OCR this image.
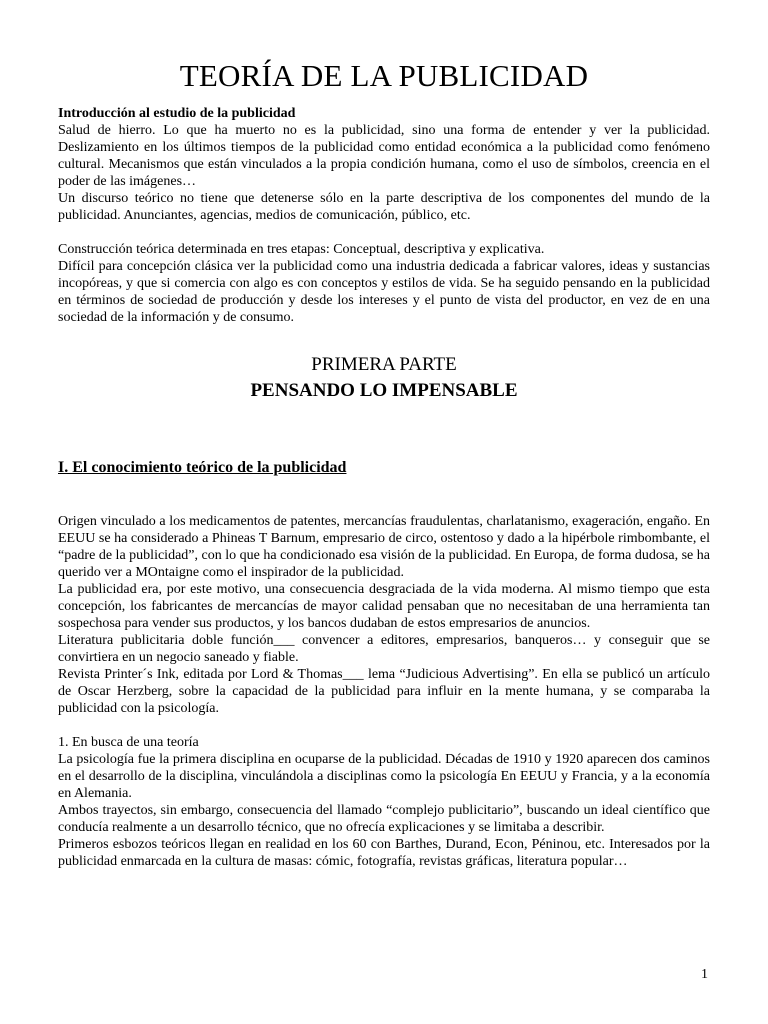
TEORÍA DE LA PUBLICIDAD

Introducción al estudio de la publicidad

Salud de hierro. Lo que ha muerto no es la publicidad, sino una forma de entender y ver la publicidad. Deslizamiento en los últimos tiempos de la publicidad como entidad económica a la publicidad como fenómeno cultural. Mecanismos que están vinculados a la propia condición humana, como el uso de símbolos, creencia en el poder de las imágenes…

Un discurso teórico no tiene que detenerse sólo en la parte descriptiva de los componentes del mundo de la publicidad. Anunciantes, agencias, medios de comunicación, público, etc.

Construcción teórica determinada en tres etapas: Conceptual, descriptiva y explicativa.

Difícil para concepción clásica ver la publicidad como una industria dedicada a fabricar valores, ideas y sustancias incopóreas, y que si comercia con algo es con conceptos y estilos de vida. Se ha seguido pensando en la publicidad en términos de sociedad de producción y desde los intereses y el punto de vista del productor, en vez de en una sociedad de la información y de consumo.

PRIMERA PARTE
PENSANDO LO IMPENSABLE
I. El conocimiento teórico de la publicidad

Origen vinculado a los medicamentos de patentes, mercancías fraudulentas, charlatanismo, exageración, engaño. En EEUU se ha considerado a Phineas T Barnum, empresario de circo, ostentoso y dado a la hipérbole rimbombante, el “padre de la publicidad”, con lo que ha condicionado esa visión de la publicidad. En Europa, de forma dudosa, se ha querido ver a MOntaigne como el inspirador de la publicidad.

La publicidad era, por este motivo, una consecuencia desgraciada de la vida moderna. Al mismo tiempo que esta concepción, los fabricantes de mercancías de mayor calidad pensaban que no necesitaban de una herramienta tan sospechosa para vender sus productos, y los bancos dudaban de estos empresarios de anuncios.

Literatura publicitaria doble función___ convencer a editores, empresarios, banqueros… y conseguir que se convirtiera en un negocio saneado y fiable.

Revista Printer´s Ink, editada por Lord & Thomas___ lema “Judicious Advertising”. En ella se publicó un artículo de Oscar Herzberg, sobre la capacidad de la publicidad para influir en la mente humana, y se comparaba la publicidad con la psicología.

1. En busca de una teoría

La psicología fue la primera disciplina en ocuparse de la publicidad. Décadas de 1910 y 1920 aparecen dos caminos en el desarrollo de la disciplina, vinculándola a disciplinas como la psicología En EEUU y Francia, y a la economía en Alemania.

Ambos trayectos, sin embargo, consecuencia del llamado “complejo publicitario”, buscando un ideal científico que conducía realmente a un desarrollo técnico, que no ofrecía explicaciones y se limitaba a describir.

Primeros esbozos teóricos llegan en realidad en los 60 con Barthes, Durand, Econ, Péninou, etc. Interesados por la publicidad enmarcada en la cultura de masas: cómic, fotografía, revistas gráficas, literatura popular…

1
